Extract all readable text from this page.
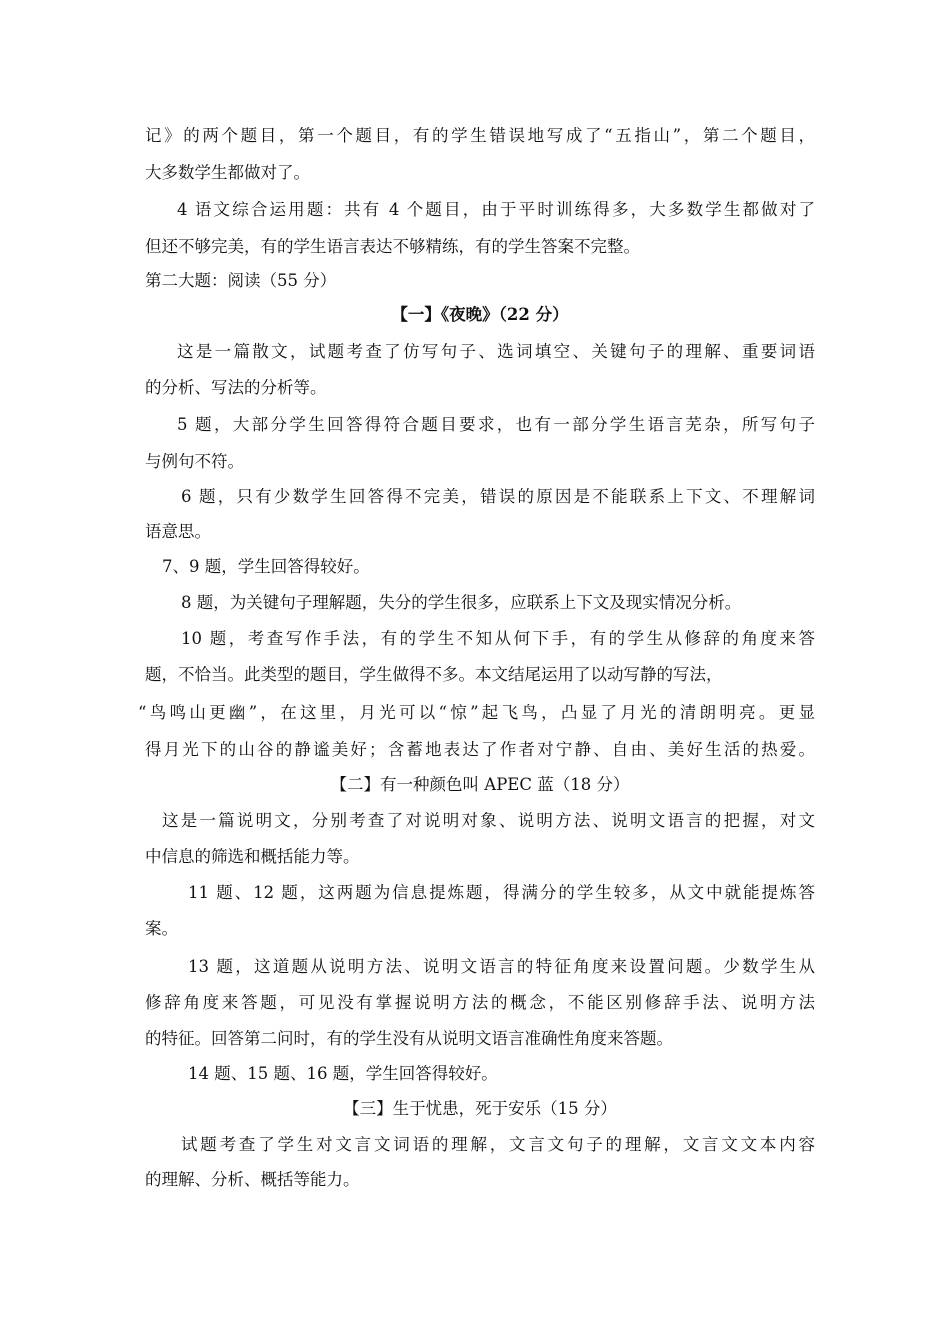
记》的两个题目，第一个题目，有的学生错误地写成了“五指山”，第二个题目，
大多数学生都做对了。
4 语文综合运用题：共有 4 个题目，由于平时训练得多，大多数学生都做对了
但还不够完美，有的学生语言表达不够精练，有的学生答案不完整。
第二大题：阅读（55 分）
【一】《夜晚》（22 分）
这是一篇散文，试题考查了仿写句子、选词填空、关键句子的理解、重要词语
的分析、写法的分析等。
5 题，大部分学生回答得符合题目要求，也有一部分学生语言芜杂，所写句子
与例句不符。
6 题，只有少数学生回答得不完美，错误的原因是不能联系上下文、不理解词
语意思。
7、9 题，学生回答得较好。
8 题，为关键句子理解题，失分的学生很多，应联系上下文及现实情况分析。
10 题，考查写作手法，有的学生不知从何下手，有的学生从修辞的角度来答
题，不恰当。此类型的题目，学生做得不多。本文结尾运用了以动写静的写法，
“鸟鸣山更幽”，在这里，月光可以“惊”起飞鸟，凸显了月光的清朗明亮。更显
得月光下的山谷的静谧美好；含蓄地表达了作者对宁静、自由、美好生活的热爱。
【二】有一种颜色叫 APEC 蓝（18 分）
这是一篇说明文，分别考查了对说明对象、说明方法、说明文语言的把握，对文
中信息的筛选和概括能力等。
11 题、12 题，这两题为信息提炼题，得满分的学生较多，从文中就能提炼答
案。
13 题，这道题从说明方法、说明文语言的特征角度来设置问题。少数学生从
修辞角度来答题，可见没有掌握说明方法的概念，不能区别修辞手法、说明方法
的特征。回答第二问时，有的学生没有从说明文语言准确性角度来答题。
14 题、15 题、16 题，学生回答得较好。
【三】生于忧患，死于安乐（15 分）
试题考查了学生对文言文词语的理解，文言文句子的理解，文言文文本内容
的理解、分析、概括等能力。
